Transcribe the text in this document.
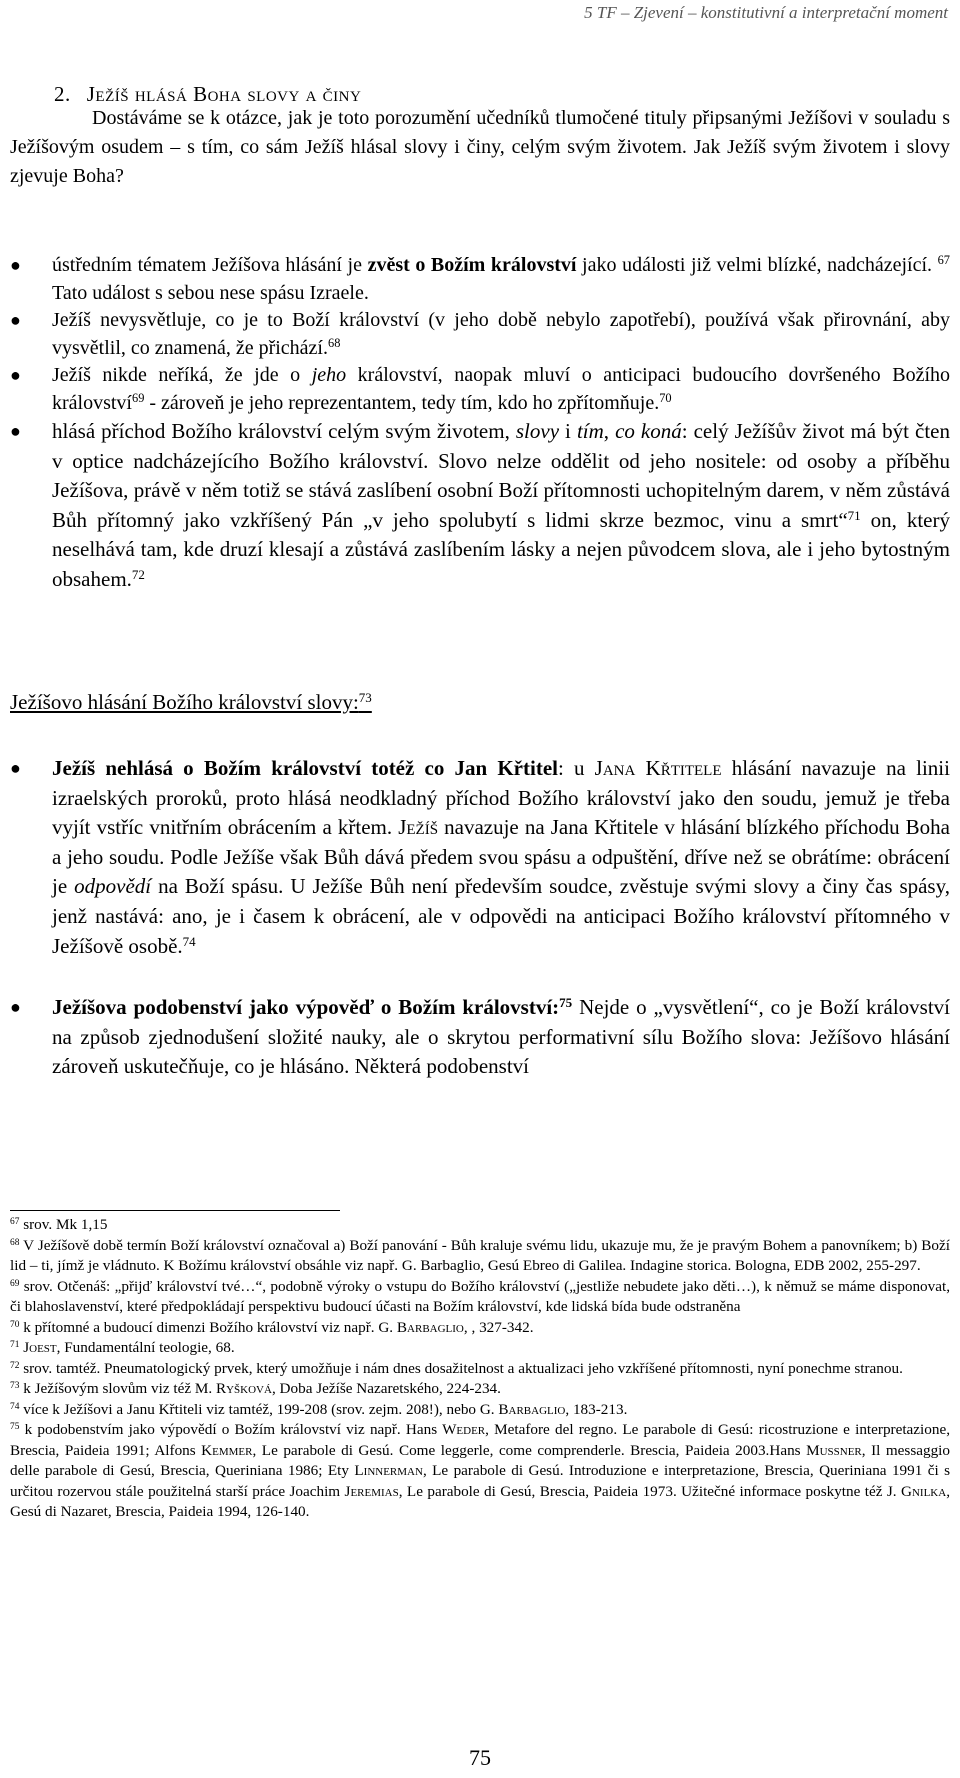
5 TF – Zjevení – konstitutivní a interpretační moment
2. Ježíš hlásá Boha slovy a činy
Dostáváme se k otázce, jak je toto porozumění učedníků tlumočené tituly připsanými Ježíšovi v souladu s Ježíšovým osudem – s tím, co sám Ježíš hlásal slovy i činy, celým svým životem. Jak Ježíš svým životem i slovy zjevuje Boha?
● ústředním tématem Ježíšova hlásání je zvěst o Božím království jako události již velmi blízké, nadcházející. $^{67}$ Tato událost s sebou nese spásu Izraele.
● Ježíš nevysvětluje, co je to Boží království (v jeho době nebylo zapotřebí), používá však přirovnání, aby vysvětlil, co znamená, že přichází.$^{68}$
● Ježíš nikde neříká, že jde o jeho království, naopak mluví o anticipaci budoucího dovršeného Božího království$^{69}$ - zároveň je jeho reprezentantem, tedy tím, kdo ho zpřítomňuje.$^{70}$
● hlásá příchod Božího království celým svým životem, slovy i tím, co koná: celý Ježíšův život má být čten v optice nadcházejícího Božího království. Slovo nelze oddělit od jeho nositele: od osoby a příběhu Ježíšova, právě v něm totiž se stává zaslíbení osobní Boží přítomnosti uchopitelným darem, v něm zůstává Bůh přítomný jako vzkříšený Pán „v jeho spolubytí s lidmi skrze bezmoc, vinu a smrt“$^{71}$ on, který neselhává tam, kde druzí klesají a zůstává zaslíbením lásky a nejen původcem slova, ale i jeho bytostným obsahem.$^{72}$
Ježíšovo hlásání Božího království slovy:$^{73}$
● Ježíš nehlásá o Božím království totéž co Jan Křtitel: u Jana Křtitele hlásání navazuje na linii izraelských proroků, proto hlásá neodkladný příchod Božího království jako den soudu, jemuž je třeba vyjít vstříc vnitřním obrácením a křtem. Ježíš navazuje na Jana Křtitele v hlásání blízkého příchodu Boha a jeho soudu. Podle Ježíše však Bůh dává předem svou spásu a odpuštění, dříve než se obrátíme: obrácení je odpovědí na Boží spásu. U Ježíše Bůh není především soudce, zvěstuje svými slovy a činy čas spásy, jenž nastává: ano, je i časem k obrácení, ale v odpovědi na anticipaci Božího království přítomného v Ježíšově osobě.$^{74}$
● Ježíšova podobenství jako výpověď o Božím království:$^{75}$ Nejde o „vysvětlení“, co je Boží království na způsob zjednodušení složité nauky, ale o skrytou performativní sílu Božího slova: Ježíšovo hlásání zároveň uskutečňuje, co je hlásáno. Některá podobenství

$^{67}$ srov. Mk 1,15

$^{68}$ V Ježíšově době termín Boží království označoval a) Boží panování - Bůh kraluje svému lidu, ukazuje mu, že je pravým Bohem a panovníkem; b) Boží lid – ti, jímž je vládnuto. K Božímu království obsáhle viz např. G. Barbaglio, Gesú Ebreo di Galilea. Indagine storica. Bologna, EDB 2002, 255-297.

$^{69}$ srov. Otčenáš: „přijď království tvé…“, podobně výroky o vstupu do Božího království („jestliže nebudete jako děti…), k němuž se máme disponovat, či blahoslavenství, které předpokládají perspektivu budoucí účasti na Božím království, kde lidská bída bude odstraněna

$^{70}$ k přítomné a budoucí dimenzi Božího království viz např. G. Barbaglio, , 327-342.

$^{71}$ Joest, Fundamentální teologie, 68.

$^{72}$ srov. tamtéž. Pneumatologický prvek, který umožňuje i nám dnes dosažitelnost a aktualizaci jeho vzkříšené přítomnosti, nyní ponechme stranou.

$^{73}$ k Ježíšovým slovům viz též M. Ryšková, Doba Ježíše Nazaretského, 224-234.

$^{74}$ více k Ježíšovi a Janu Křtiteli viz tamtéž, 199-208 (srov. zejm. 208!), nebo G. Barbaglio, 183-213.

$^{75}$ k podobenstvím jako výpovědí o Božím království viz např. Hans Weder, Metafore del regno. Le parabole di Gesú: ricostruzione e interpretazione, Brescia, Paideia 1991; Alfons Kemmer, Le parabole di Gesú. Come leggerle, come comprenderle. Brescia, Paideia 2003.Hans Mussner, Il messaggio delle parabole di Gesú, Brescia, Queriniana 1986; Ety Linnerman, Le parabole di Gesú. Introduzione e interpretazione, Brescia, Queriniana 1991 či s určitou rozervou stále použitelná starší práce Joachim Jeremias, Le parabole di Gesú, Brescia, Paideia 1973. Užitečné informace poskytne též J. Gnilka, Gesú di Nazaret, Brescia, Paideia 1994, 126-140.

75
